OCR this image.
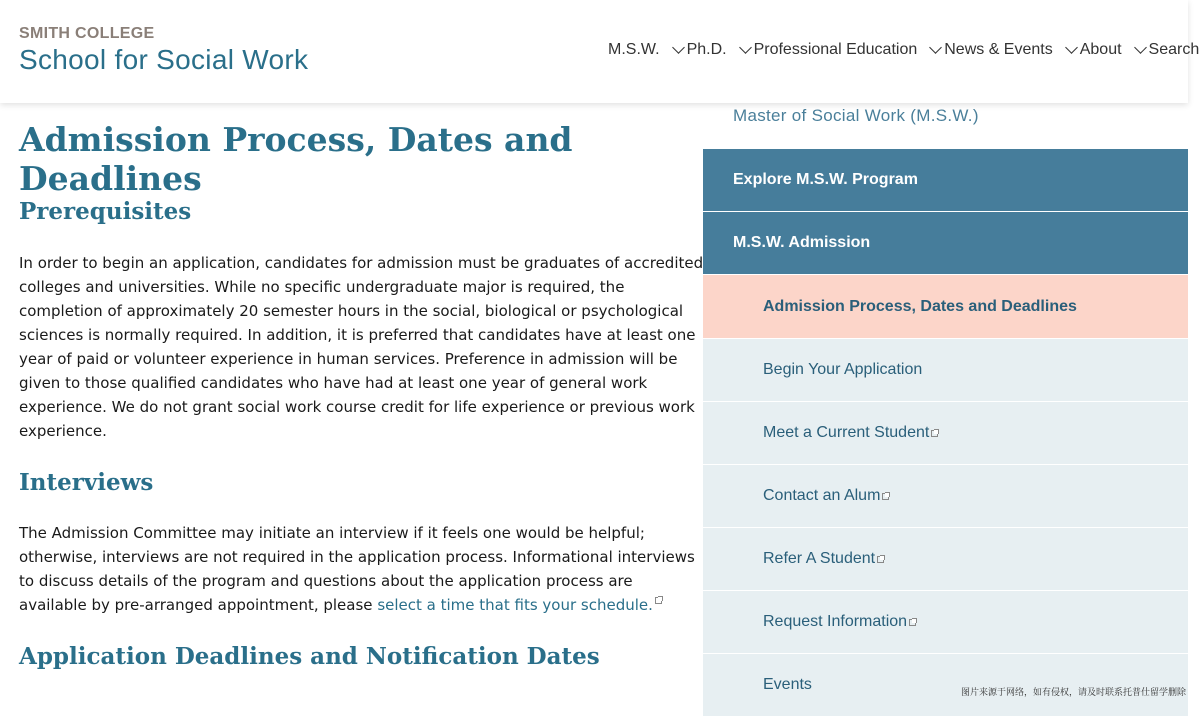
SMITH COLLEGE
School for Social Work	M.S.W. Ph.D. Professional Education News & Events About Search
Admission Process, Dates and Deadlines
Prerequisites

In order to begin an application, candidates for admission must be graduates of accredited colleges and universities. While no specific undergraduate major is required, the completion of approximately 20 semester hours in the social, biological or psychological sciences is normally required. In addition, it is preferred that candidates have at least one year of paid or volunteer experience in human services. Preference in admission will be given to those qualified candidates who have had at least one year of general work experience. We do not grant social work course credit for life experience or previous work experience.

Interviews

The Admission Committee may initiate an interview if it feels one would be helpful; otherwise, interviews are not required in the application process. Informational interviews to discuss details of the program and questions about the application process are available by pre-arranged appointment, please select a time that fits your schedule.

Application Deadlines and Notification Dates
Master of Social Work (M.S.W.)
Explore M.S.W. Program
M.S.W. Admission
Admission Process, Dates and Deadlines
Begin Your Application
Meet a Current Student
Contact an Alum
Refer A Student
Request Information
Events	图片来源于网络，如有侵权，请及时联系托普仕留学删除
